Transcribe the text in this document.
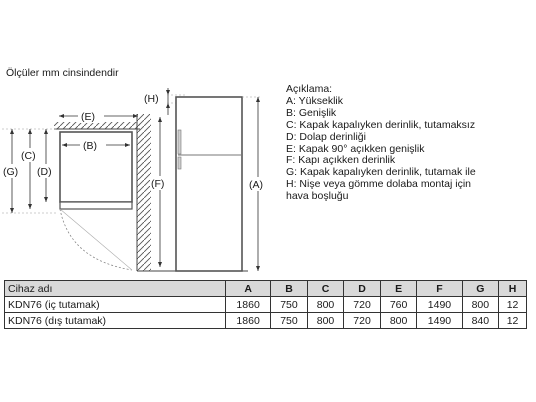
Ölçüler mm cinsindendir
(E)
(B)
(G)
(C)
(D)
(H)
(F)	(A)
Açıklama:
A: Yükseklik
B: Genişlik
C: Kapak kapalıyken derinlik, tutamaksız
D: Dolap derinliği
E: Kapak 90° açıkken genişlik
F: Kapı açıkken derinlik
G: Kapak kapalıyken derinlik, tutamak ile
H: Nişe veya gömme dolaba montaj için
hava boşluğu
Cihaz adı	A	B	C	D	E	F	G	H
KDN76 (iç tutamak)	1860	750	800	720	760	1490	800	12
KDN76 (dış tutamak)	1860	750	800	720	800	1490	840	12
